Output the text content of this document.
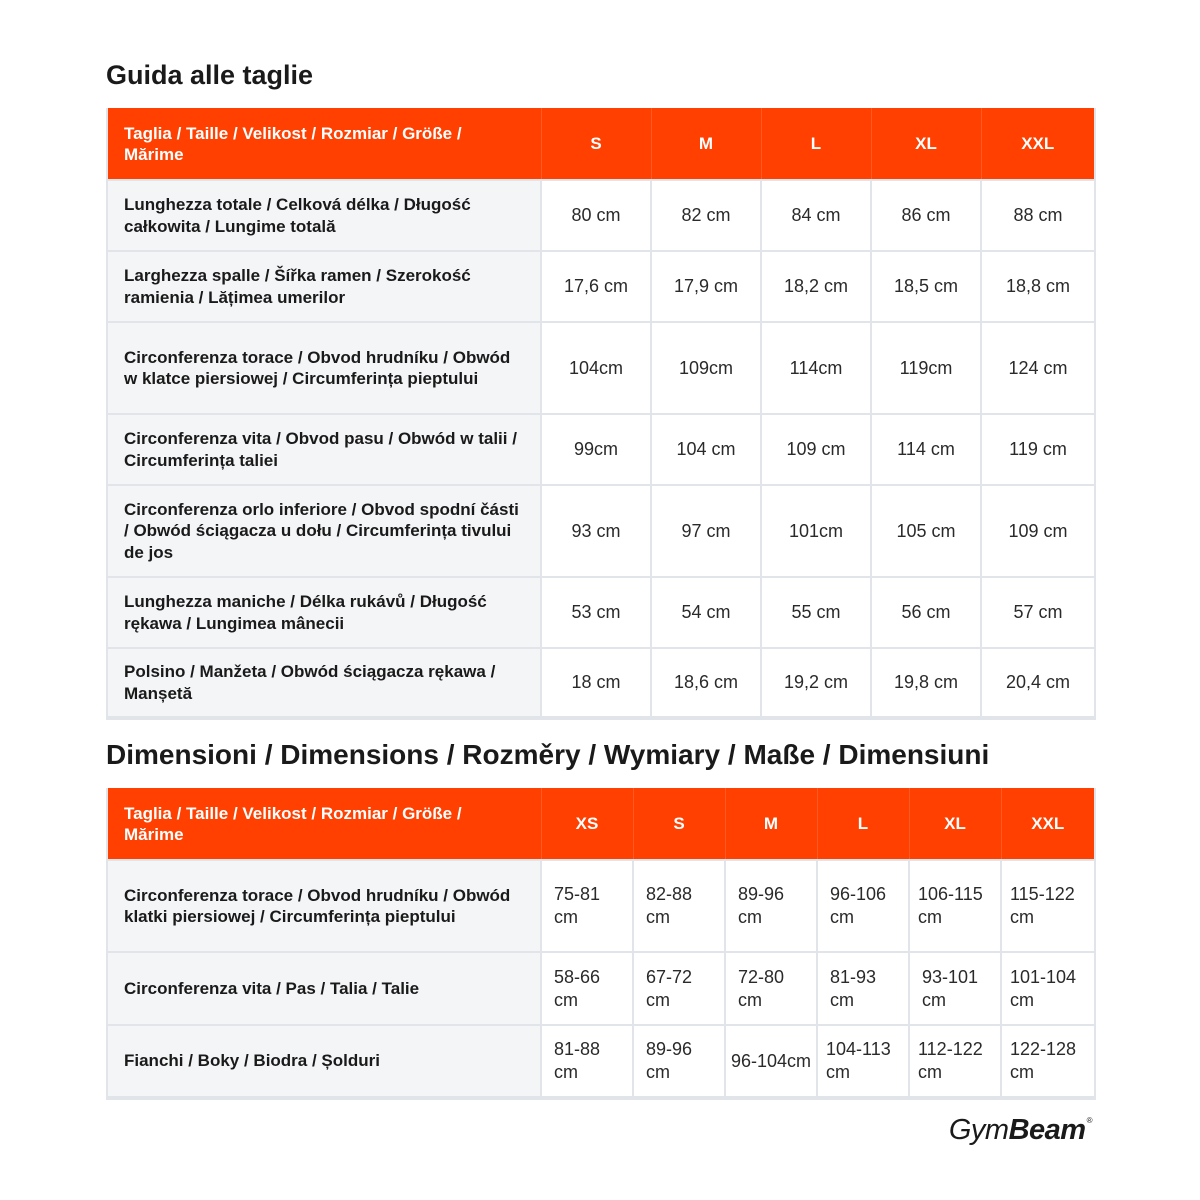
Guida alle taglie
Taglia / Taille / Velikost / Rozmiar / Größe / Mărime	S	M	L	XL	XXL
Lunghezza totale / Celková délka / Długość całkowita / Lungime totală	80 cm	82 cm	84 cm	86 cm	88 cm
Larghezza spalle / Šířka ramen / Szerokość ramienia / Lățimea umerilor	17,6 cm	17,9 cm	18,2 cm	18,5 cm	18,8 cm
Circonferenza torace / Obvod hrudníku / Obwód w klatce piersiowej / Circumferința pieptului	104cm	109cm	114cm	119cm	124 cm
Circonferenza vita / Obvod pasu / Obwód w talii / Circumferința taliei	99cm	104 cm	109 cm	114 cm	119 cm
Circonferenza orlo inferiore / Obvod spodní části / Obwód ściągacza u dołu / Circumferința tivului de jos	93 cm	97 cm	101cm	105 cm	109 cm
Lunghezza maniche / Délka rukávů / Długość rękawa / Lungimea mânecii	53 cm	54 cm	55 cm	56 cm	57 cm
Polsino / Manžeta / Obwód ściągacza rękawa / Manșetă	18 cm	18,6 cm	19,2 cm	19,8 cm	20,4 cm
Dimensioni / Dimensions / Rozměry / Wymiary / Maße / Dimensiuni
Taglia / Taille / Velikost / Rozmiar / Größe / Mărime	XS	S	M	L	XL	XXL
Circonferenza torace / Obvod hrudníku / Obwód klatki piersiowej / Circumferința pieptului	75-81 cm	82-88 cm	89-96 cm	96-106 cm	106-115 cm	115-122 cm
Circonferenza vita / Pas / Talia / Talie	58-66 cm	67-72 cm	72-80 cm	81-93 cm	93-101 cm	101-104 cm
Fianchi / Boky / Biodra / Șolduri	81-88 cm	89-96 cm	96-104cm	104-113 cm	112-122 cm	122-128 cm
GymBeam®
